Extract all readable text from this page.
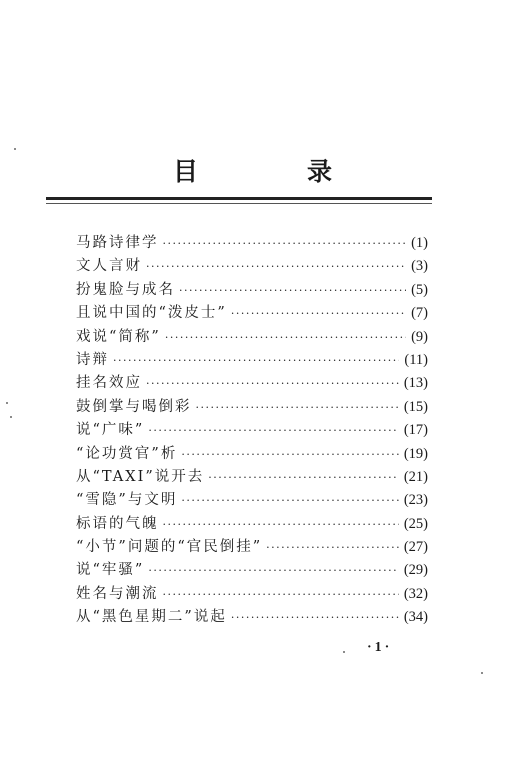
目　录
马路诗律学 ·····	(1)
文人言财 ·····	(3)
扮鬼脸与成名 ·····	(5)
且说中国的“泼皮士” ·····	(7)
戏说“简称” ·····	(9)
诗辩 ·····	(11)
挂名效应 ·····	(13)
鼓倒掌与喝倒彩 ·····	(15)
说“广味” ·····	(17)
“论功赏官”析 ·····	(19)
从“TAXI”说开去 ·····	(21)
“雪隐”与文明 ·····	(23)
标语的气魄 ·····	(25)
“小节”问题的“官民倒挂” ·····	(27)
说“牢骚” ·····	(29)
姓名与潮流 ·····	(32)
从“黑色星期二”说起 ·····	(34)
·1·
